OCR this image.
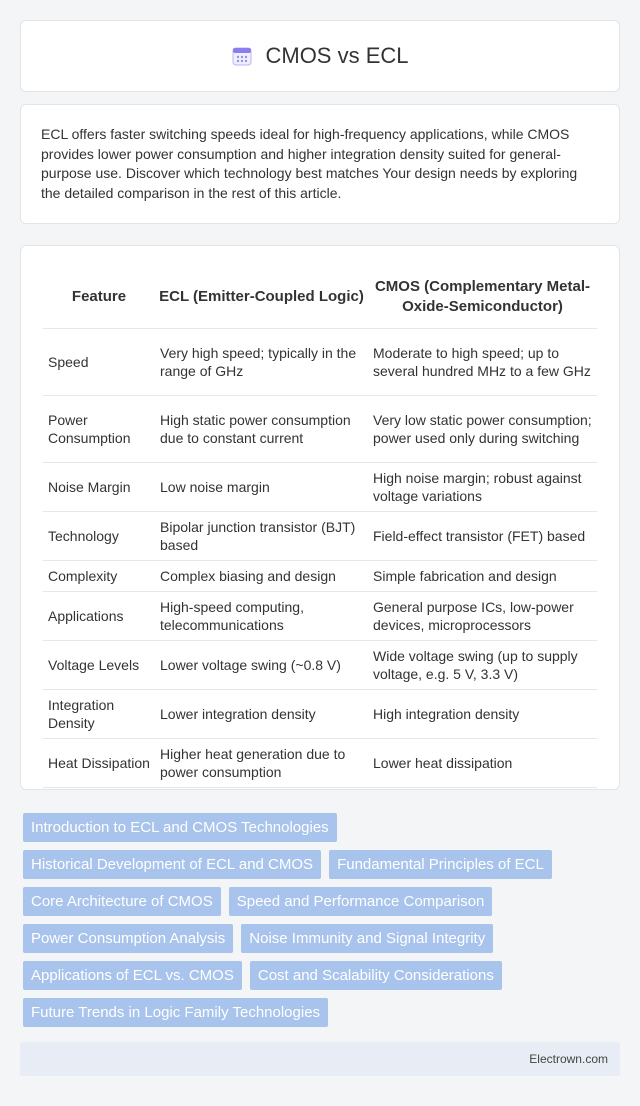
CMOS vs ECL

ECL offers faster switching speeds ideal for high-frequency applications, while CMOS provides lower power consumption and higher integration density suited for general-purpose use. Discover which technology best matches Your design needs by exploring the detailed comparison in the rest of this article.

Feature	ECL (Emitter-Coupled Logic)	CMOS (Complementary Metal-Oxide-Semiconductor)
Speed	Very high speed; typically in the range of GHz	Moderate to high speed; up to several hundred MHz to a few GHz
Power Consumption	High static power consumption due to constant current	Very low static power consumption; power used only during switching
Noise Margin	Low noise margin	High noise margin; robust against voltage variations
Technology	Bipolar junction transistor (BJT) based	Field-effect transistor (FET) based
Complexity	Complex biasing and design	Simple fabrication and design
Applications	High-speed computing, telecommunications	General purpose ICs, low-power devices, microprocessors
Voltage Levels	Lower voltage swing (~0.8 V)	Wide voltage swing (up to supply voltage, e.g. 5 V, 3.3 V)
Integration Density	Lower integration density	High integration density
Heat Dissipation	Higher heat generation due to power consumption	Lower heat dissipation
Introduction to ECL and CMOS Technologies
Historical Development of ECL and CMOS	Fundamental Principles of ECL
Core Architecture of CMOS	Speed and Performance Comparison
Power Consumption Analysis	Noise Immunity and Signal Integrity
Applications of ECL vs. CMOS	Cost and Scalability Considerations
Future Trends in Logic Family Technologies
Electrown.com
